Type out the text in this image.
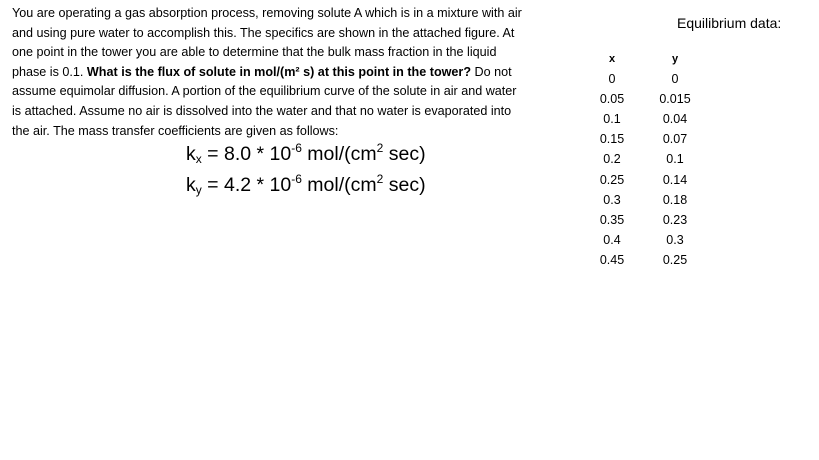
You are operating a gas absorption process, removing solute A which is in a mixture with air
and using pure water to accomplish this. The specifics are shown in the attached figure. At
one point in the tower you are able to determine that the bulk mass fraction in the liquid
phase is 0.1. What is the flux of solute in mol/(m² s) at this point in the tower? Do not
assume equimolar diffusion. A portion of the equilibrium curve of the solute in air and water
is attached. Assume no air is dissolved into the water and that no water is evaporated into
the air. The mass transfer coefficients are given as follows:
$k_x = 8.0 * 10^{-6}$ mol/($cm^2$ sec)
$k_y = 4.2 * 10^{-6}$ mol/($cm^2$ sec)
Equilibrium data:
x
0
0.05
0.1
0.15
0.2
0.25
0.3
0.35
0.4
0.45
y
0
0.015
0.04
0.07
0.1
0.14
0.18
0.23
0.3
0.25
